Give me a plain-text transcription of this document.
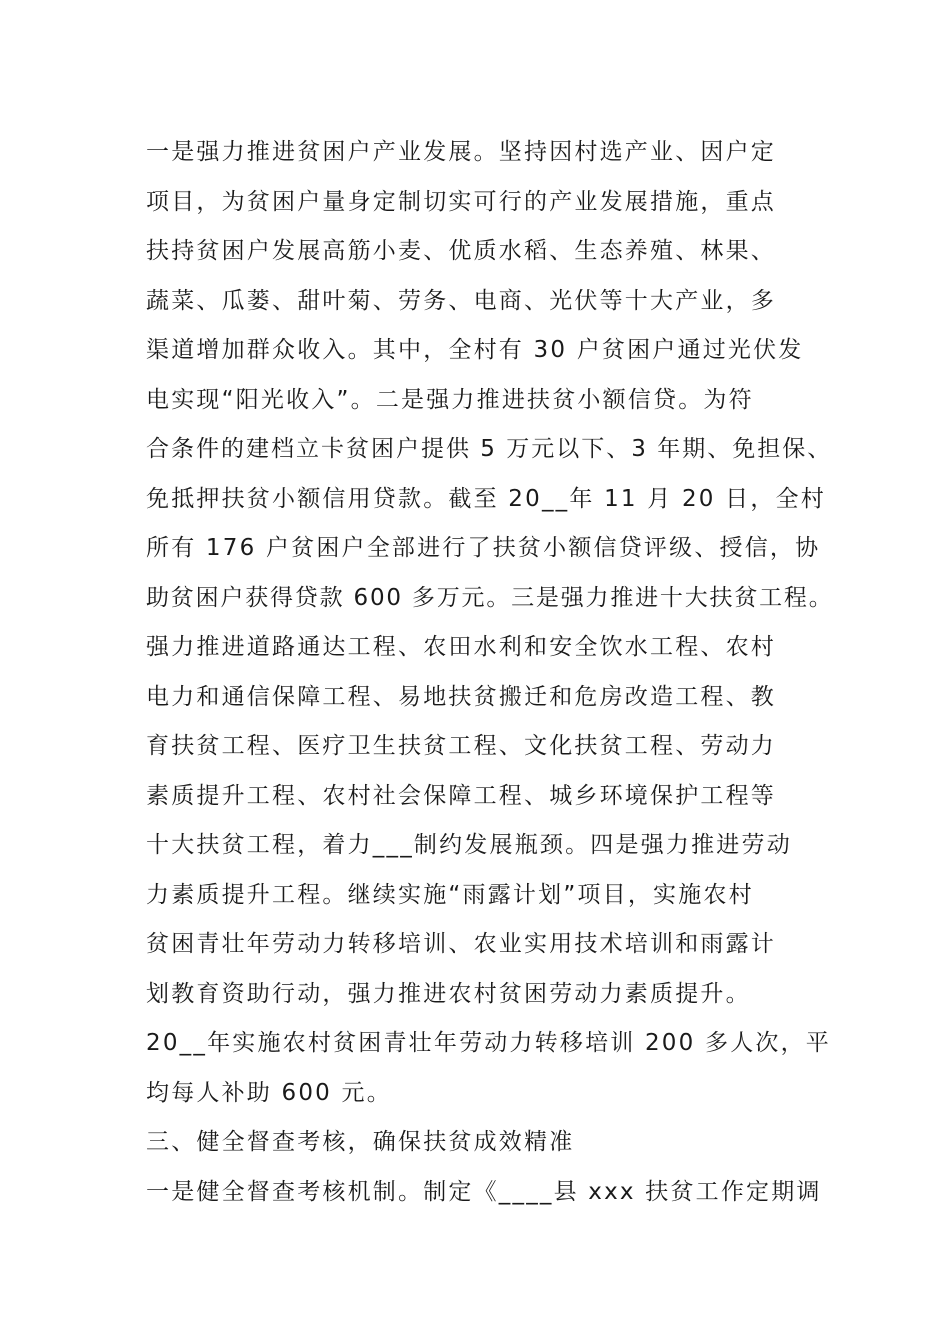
一是强力推进贫困户产业发展。坚持因村选产业、因户定
项目，为贫困户量身定制切实可行的产业发展措施，重点
扶持贫困户发展高筋小麦、优质水稻、生态养殖、林果、
蔬菜、瓜蒌、甜叶菊、劳务、电商、光伏等十大产业，多
渠道增加群众收入。其中，全村有 30 户贫困户通过光伏发
电实现“阳光收入”。二是强力推进扶贫小额信贷。为符
合条件的建档立卡贫困户提供 5 万元以下、3 年期、免担保、
免抵押扶贫小额信用贷款。截至 20__年 11 月 20 日，全村
所有 176 户贫困户全部进行了扶贫小额信贷评级、授信，协
助贫困户获得贷款 600 多万元。三是强力推进十大扶贫工程。
强力推进道路通达工程、农田水利和安全饮水工程、农村
电力和通信保障工程、易地扶贫搬迁和危房改造工程、教
育扶贫工程、医疗卫生扶贫工程、文化扶贫工程、劳动力
素质提升工程、农村社会保障工程、城乡环境保护工程等
十大扶贫工程，着力___制约发展瓶颈。四是强力推进劳动
力素质提升工程。继续实施“雨露计划”项目，实施农村
贫困青壮年劳动力转移培训、农业实用技术培训和雨露计
划教育资助行动，强力推进农村贫困劳动力素质提升。
20__年实施农村贫困青壮年劳动力转移培训 200 多人次，平
均每人补助 600 元。
三、健全督查考核，确保扶贫成效精准
一是健全督查考核机制。制定《____县 xxx 扶贫工作定期调
